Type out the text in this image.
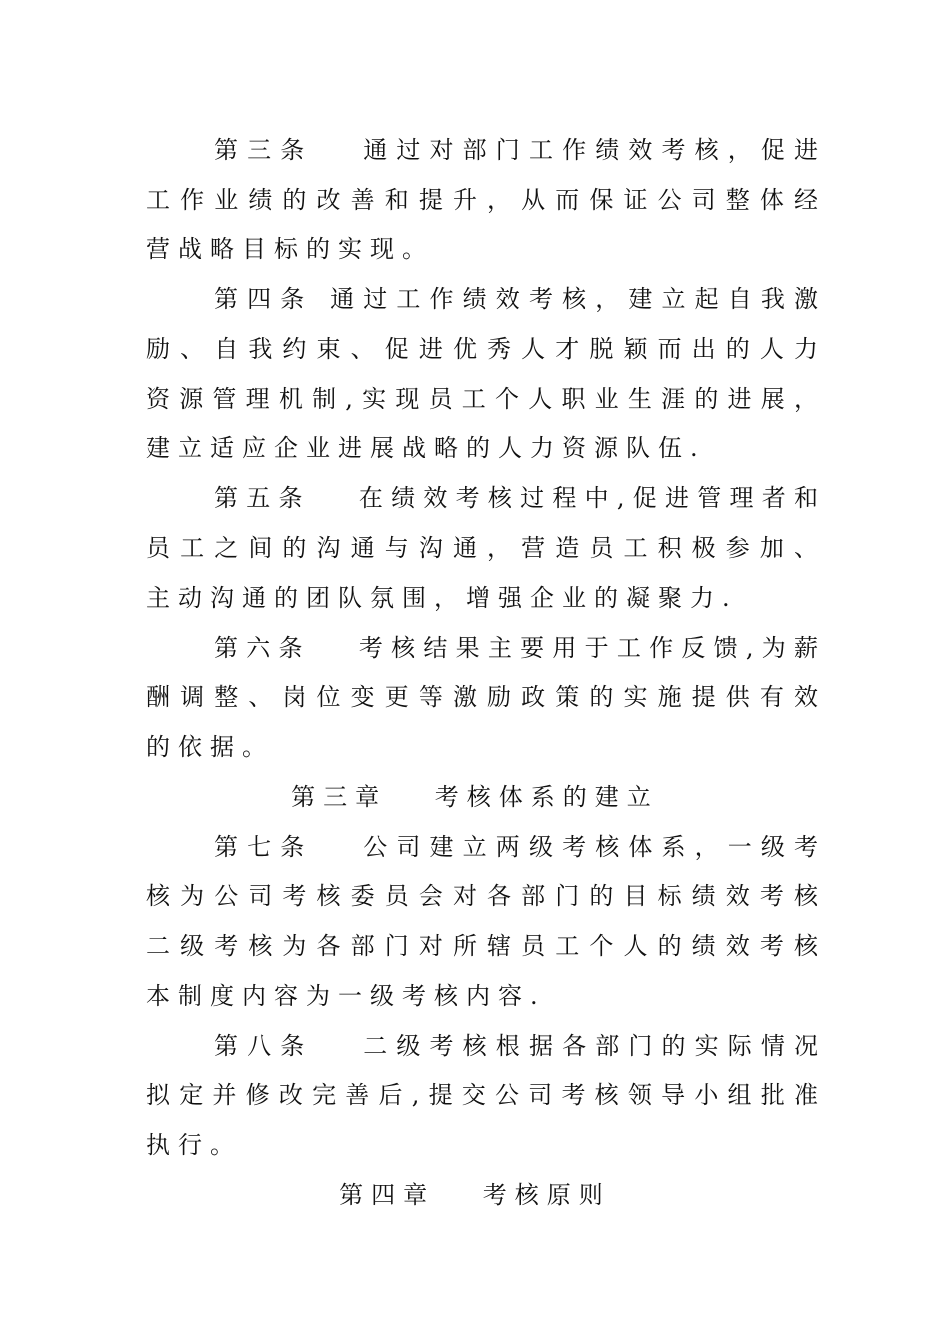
第三条　 通过对部门工作绩效考核，促进
工作业绩的改善和提升，从而保证公司整体经
营战略目标的实现。
第四条 通过工作绩效考核，建立起自我激
励、自我约束、促进优秀人才脱颖而出的人力
资源管理机制,实现员工个人职业生涯的进展，
建立适应企业进展战略的人力资源队伍.
第五条　 在绩效考核过程中,促进管理者和
员工之间的沟通与沟通，营造员工积极参加、
主动沟通的团队氛围，增强企业的凝聚力.
第六条　 考核结果主要用于工作反馈,为薪
酬调整、岗位变更等激励政策的实施提供有效
的依据。
第三章　 考核体系的建立
第七条　 公司建立两级考核体系，一级考
核为公司考核委员会对各部门的目标绩效考核
二级考核为各部门对所辖员工个人的绩效考核
本制度内容为一级考核内容.
第八条　 二级考核根据各部门的实际情况
拟定并修改完善后,提交公司考核领导小组批准
执行。
第四章　 考核原则
